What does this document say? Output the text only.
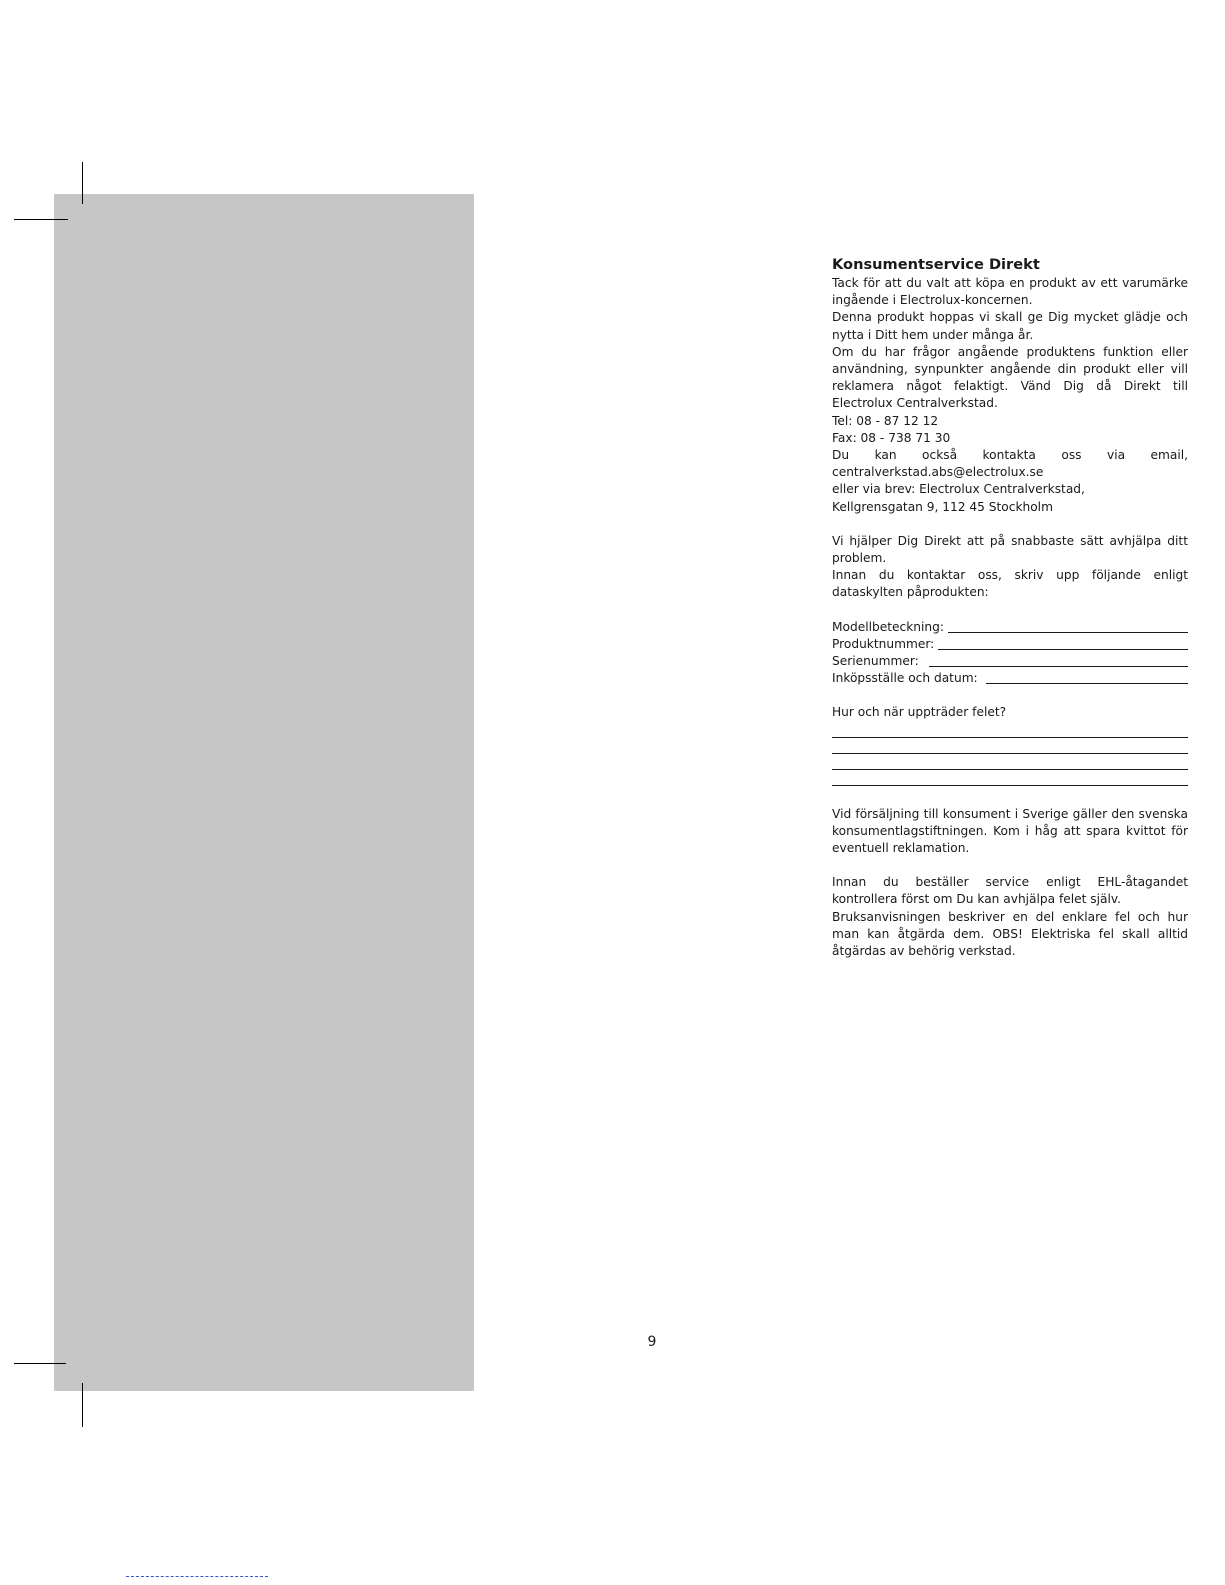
Konsumentservice Direkt

Tack för att du valt att köpa en produkt av ett varumärke ingående i Electrolux-koncernen.

Denna produkt hoppas vi skall ge Dig mycket glädje och nytta i Ditt hem under många år.

Om du har frågor angående produktens funktion eller användning, synpunkter angående din produkt eller vill reklamera något felaktigt. Vänd Dig då Direkt till Electrolux Centralverkstad.

Tel: 08 - 87 12 12

Fax: 08 - 738 71 30

Du kan också kontakta oss via email, centralverkstad.abs@electrolux.se

eller via brev: Electrolux Centralverkstad,

Kellgrensgatan 9, 112 45 Stockholm

Vi hjälper Dig Direkt att på snabbaste sätt avhjälpa ditt problem.

Innan du kontaktar oss, skriv upp följande enligt dataskylten påprodukten:

Modellbeteckning:
Produktnummer:
Serienummer:
Inköpsställe och datum:

Hur och när uppträder felet?

Vid försäljning till konsument i Sverige gäller den svenska konsumentlagstiftningen. Kom i håg att spara kvittot för eventuell reklamation.

Innan du beställer service enligt EHL-åtagandet kontrollera först om Du kan avhjälpa felet själv.

Bruksanvisningen beskriver en del enklare fel och hur man kan åtgärda dem. OBS! Elektriska fel skall alltid åtgärdas av behörig verkstad.

9
